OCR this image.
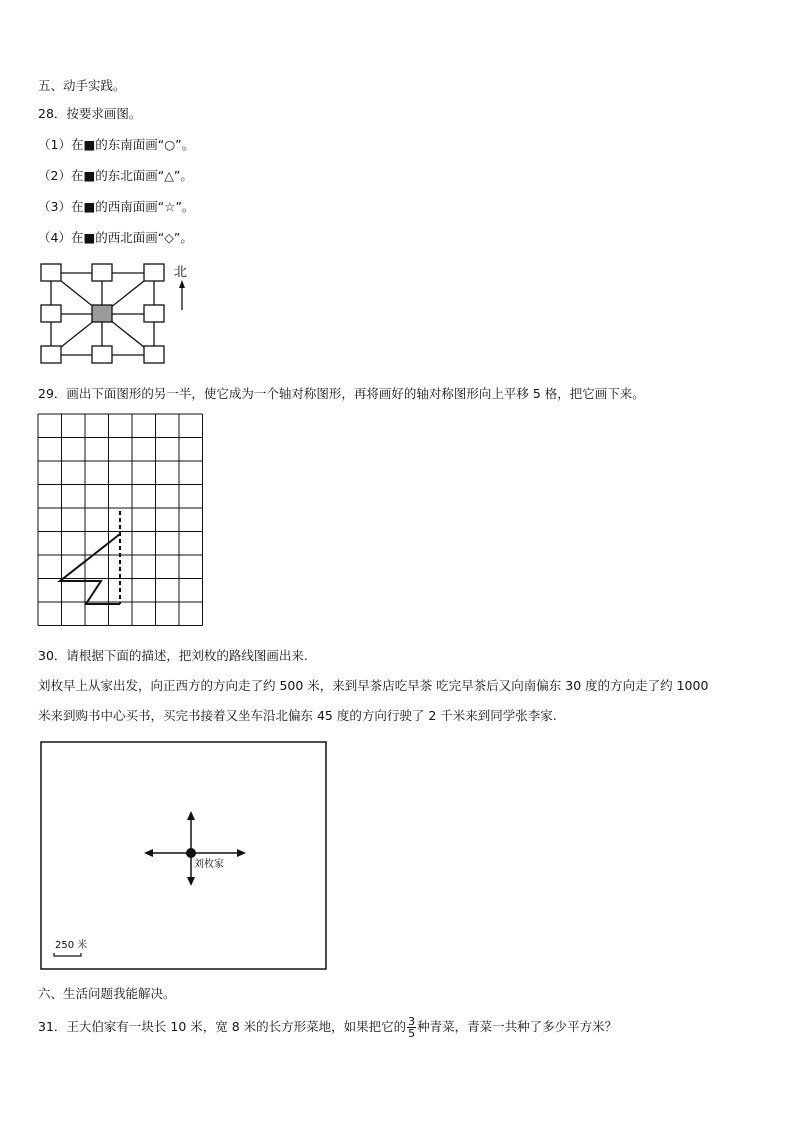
五、动手实践。
28．按要求画图。
（1）在■的东南面画“○”。
（2）在■的东北面画“△”。
（3）在■的西南面画“☆”。
（4）在■的西北面画“◇”。
北
29．画出下面图形的另一半，使它成为一个轴对称图形，再将画好的轴对称图形向上平移 5 格，把它画下来。
30．请根据下面的描述，把刘枚的路线图画出来.
刘枚早上从家出发，向正西方的方向走了约 500 米，来到早茶店吃早茶 吃完早茶后又向南偏东 30 度的方向走了约 1000
米来到购书中心买书，买完书接着又坐车沿北偏东 45 度的方向行驶了 2 千米来到同学张李家.
刘枚家
250 米
六、生活问题我能解决。
31．王大伯家有一块长 10 米，宽 8 米的长方形菜地，如果把它的 $\frac{3}{5}$ 种青菜，青菜一共种了多少平方米？
